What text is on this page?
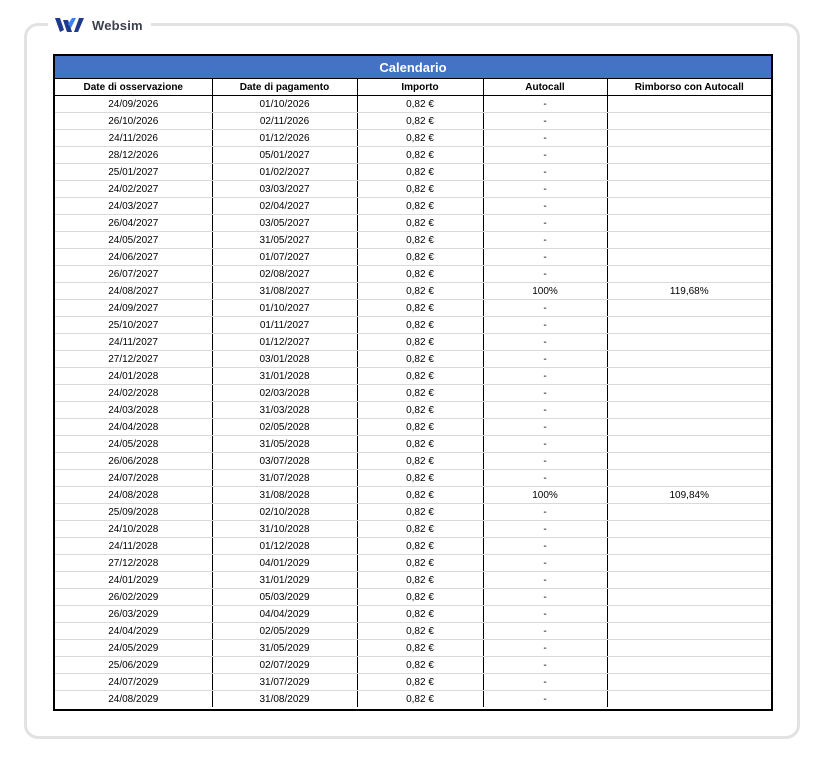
Websim
Calendario				
Date di osservazione	Date di pagamento	Importo	Autocall	Rimborso con Autocall
24/09/2026	01/10/2026	0,82 €	-	
26/10/2026	02/11/2026	0,82 €	-	
24/11/2026	01/12/2026	0,82 €	-	
28/12/2026	05/01/2027	0,82 €	-	
25/01/2027	01/02/2027	0,82 €	-	
24/02/2027	03/03/2027	0,82 €	-	
24/03/2027	02/04/2027	0,82 €	-	
26/04/2027	03/05/2027	0,82 €	-	
24/05/2027	31/05/2027	0,82 €	-	
24/06/2027	01/07/2027	0,82 €	-	
26/07/2027	02/08/2027	0,82 €	-	
24/08/2027	31/08/2027	0,82 €	100%	119,68%
24/09/2027	01/10/2027	0,82 €	-	
25/10/2027	01/11/2027	0,82 €	-	
24/11/2027	01/12/2027	0,82 €	-	
27/12/2027	03/01/2028	0,82 €	-	
24/01/2028	31/01/2028	0,82 €	-	
24/02/2028	02/03/2028	0,82 €	-	
24/03/2028	31/03/2028	0,82 €	-	
24/04/2028	02/05/2028	0,82 €	-	
24/05/2028	31/05/2028	0,82 €	-	
26/06/2028	03/07/2028	0,82 €	-	
24/07/2028	31/07/2028	0,82 €	-	
24/08/2028	31/08/2028	0,82 €	100%	109,84%
25/09/2028	02/10/2028	0,82 €	-	
24/10/2028	31/10/2028	0,82 €	-	
24/11/2028	01/12/2028	0,82 €	-	
27/12/2028	04/01/2029	0,82 €	-	
24/01/2029	31/01/2029	0,82 €	-	
26/02/2029	05/03/2029	0,82 €	-	
26/03/2029	04/04/2029	0,82 €	-	
24/04/2029	02/05/2029	0,82 €	-	
24/05/2029	31/05/2029	0,82 €	-	
25/06/2029	02/07/2029	0,82 €	-	
24/07/2029	31/07/2029	0,82 €	-	
24/08/2029	31/08/2029	0,82 €	-	
